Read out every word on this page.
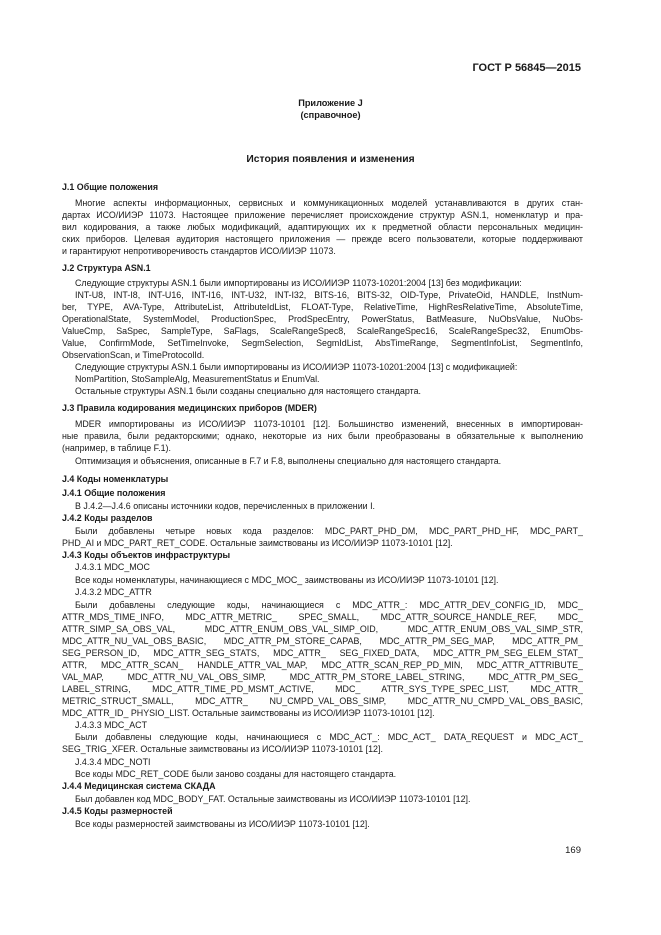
ГОСТ Р 56845—2015
Приложение J
(справочное)
История появления и изменения
J.1 Общие положения
Многие аспекты информационных, сервисных и коммуникационных моделей устанавливаются в других стан-
дартах ИСО/ИИЭР 11073. Настоящее приложение перечисляет происхождение структур ASN.1, номенклатур и пра-
вил кодирования, а также любых модификаций, адаптирующих их к предметной области персональных медицин-
ских приборов. Целевая аудитория настоящего приложения — прежде всего пользователи, которые поддерживают
и гарантируют непротиворечивость стандартов ИСО/ИИЭР 11073.
J.2 Структура ASN.1
Следующие структуры ASN.1 были импортированы из ИСО/ИИЭР 11073-10201:2004 [13] без модификации:
INT-U8, INT-I8, INT-U16, INT-I16, INT-U32, INT-I32, BITS-16, BITS-32, OID-Type, PrivateOid, HANDLE, InstNum-
ber, TYPE, AVA-Type, AttributeList, AttributeIdList, FLOAT-Type, RelativeTime, HighResRelativeTime, AbsoluteTime,
OperationalState, SystemModel, ProductionSpec, ProdSpecEntry, PowerStatus, BatMeasure, NuObsValue, NuObs-
ValueCmp, SaSpec, SampleType, SaFlags, ScaleRangeSpec8, ScaleRangeSpec16, ScaleRangeSpec32, EnumObs-
Value, ConfirmMode, SetTimeInvoke, SegmSelection, SegmIdList, AbsTimeRange, SegmentInfoList, SegmentInfo,
ObservationScan, и TimeProtocolId.
Следующие структуры ASN.1 были импортированы из ИСО/ИИЭР 11073-10201:2004 [13] с модификацией:
NomPartition, StoSampleAlg, MeasurementStatus и EnumVal.
Остальные структуры ASN.1 были созданы специально для настоящего стандарта.
J.3 Правила кодирования медицинских приборов (MDER)
MDER импортированы из ИСО/ИИЭР 11073-10101 [12]. Большинство изменений, внесенных в импортирован-
ные правила, были редакторскими; однако, некоторые из них были преобразованы в обязательные к выполнению
(например, в таблице F.1).
Оптимизация и объяснения, описанные в F.7 и F.8, выполнены специально для настоящего стандарта.
J.4 Коды номенклатуры
J.4.1 Общие положения
В J.4.2—J.4.6 описаны источники кодов, перечисленных в приложении I.
J.4.2 Коды разделов
Были добавлены четыре новых кода разделов: MDC_PART_PHD_DM, MDC_PART_PHD_HF, MDC_PART_
PHD_AI и MDC_PART_RET_CODE. Остальные заимствованы из ИСО/ИИЭР 11073-10101 [12].
J.4.3 Коды объектов инфраструктуры
J.4.3.1 MDC_MOC
Все коды номенклатуры, начинающиеся с MDC_MOC_ заимствованы из ИСО/ИИЭР 11073-10101 [12].
J.4.3.2 MDC_ATTR
Были добавлены следующие коды, начинающиеся с MDC_ATTR_: MDC_ATTR_DEV_CONFIG_ID, MDC_
ATTR_MDS_TIME_INFO, MDC_ATTR_METRIC_ SPEC_SMALL, MDC_ATTR_SOURCE_HANDLE_REF, MDC_
ATTR_SIMP_SA_OBS_VAL, MDC_ATTR_ENUM_OBS_VAL_SIMP_OID, MDC_ATTR_ENUM_OBS_VAL_SIMP_STR,
MDC_ATTR_NU_VAL_OBS_BASIC, MDC_ATTR_PM_STORE_CAPAB, MDC_ATTR_PM_SEG_MAP, MDC_ATTR_PM_
SEG_PERSON_ID, MDC_ATTR_SEG_STATS, MDC_ATTR_ SEG_FIXED_DATA, MDC_ATTR_PM_SEG_ELEM_STAT_
ATTR, MDC_ATTR_SCAN_ HANDLE_ATTR_VAL_MAP, MDC_ATTR_SCAN_REP_PD_MIN, MDC_ATTR_ATTRIBUTE_
VAL_MAP, MDC_ATTR_NU_VAL_OBS_SIMP, MDC_ATTR_PM_STORE_LABEL_STRING, MDC_ATTR_PM_SEG_
LABEL_STRING, MDC_ATTR_TIME_PD_MSMT_ACTIVE, MDC_ ATTR_SYS_TYPE_SPEC_LIST, MDC_ATTR_
METRIC_STRUCT_SMALL, MDC_ATTR_ NU_CMPD_VAL_OBS_SIMP, MDC_ATTR_NU_CMPD_VAL_OBS_BASIC,
MDC_ATTR_ID_ PHYSIO_LIST. Остальные заимствованы из ИСО/ИИЭР 11073-10101 [12].
J.4.3.3 MDC_ACT
Были добавлены следующие коды, начинающиеся с MDC_ACT_: MDC_ACT_ DATA_REQUEST и MDC_ACT_
SEG_TRIG_XFER. Остальные заимствованы из ИСО/ИИЭР 11073-10101 [12].
J.4.3.4 MDC_NOTI
Все коды MDC_RET_CODE были заново созданы для настоящего стандарта.
J.4.4 Медицинская система СКАДА
Был добавлен код MDC_BODY_FAT. Остальные заимствованы из ИСО/ИИЭР 11073-10101 [12].
J.4.5 Коды размерностей
Все коды размерностей заимствованы из ИСО/ИИЭР 11073-10101 [12].
169
